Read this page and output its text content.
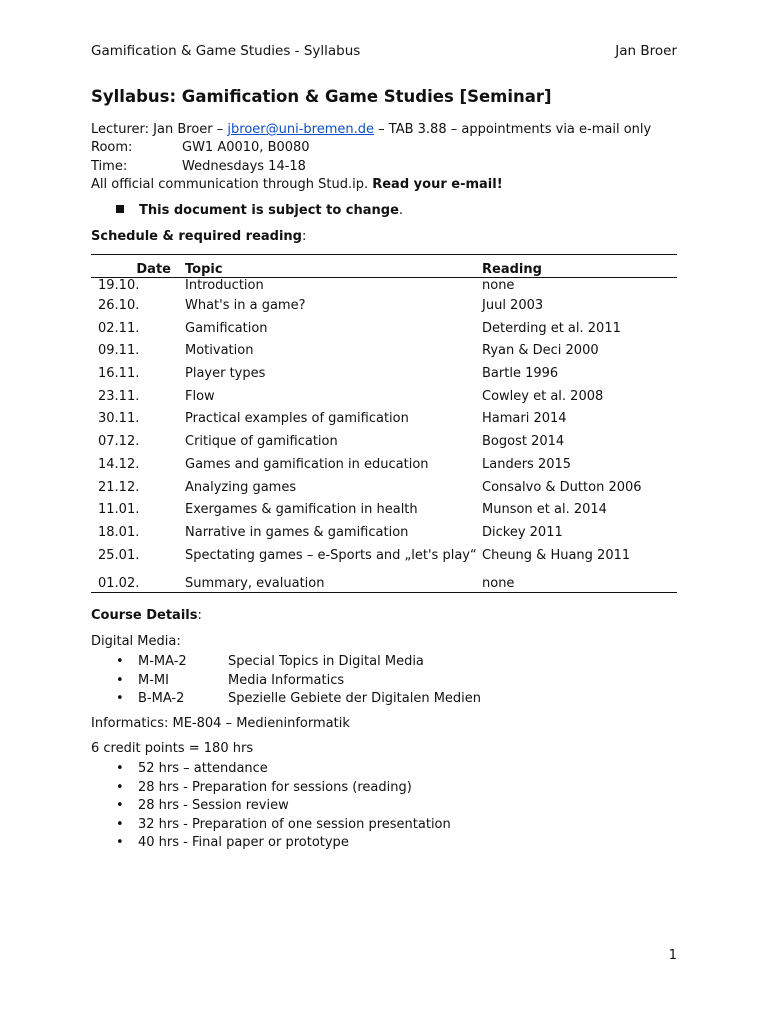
Gamification & Game Studies - Syllabus	Jan Broer
Syllabus: Gamification & Game Studies [Seminar]
Lecturer: Jan Broer – jbroer@uni-bremen.de – TAB 3.88 – appointments via e-mail only
Room:	GW1 A0010, B0080
Time:	Wednesdays 14-18
All official communication through Stud.ip. Read your e-mail!
This document is subject to change.
Schedule & required reading:
Date	Topic	Reading
19.10.	Introduction	none
26.10.	What's in a game?	Juul 2003
02.11.	Gamification	Deterding et al. 2011
09.11.	Motivation	Ryan & Deci 2000
16.11.	Player types	Bartle 1996
23.11.	Flow	Cowley et al. 2008
30.11.	Practical examples of gamification	Hamari 2014
07.12.	Critique of gamification	Bogost 2014
14.12.	Games and gamification in education	Landers 2015
21.12.	Analyzing games	Consalvo & Dutton 2006
11.01.	Exergames & gamification in health	Munson et al. 2014
18.01.	Narrative in games & gamification	Dickey 2011
25.01.	Spectating games – e-Sports and „let's play“	Cheung & Huang 2011
01.02.	Summary, evaluation	none
Course Details:
Digital Media:
• M-MA-2	Special Topics in Digital Media
• M-MI	Media Informatics
• B-MA-2	Spezielle Gebiete der Digitalen Medien
Informatics: ME-804 – Medieninformatik
6 credit points = 180 hrs
• 52 hrs – attendance
• 28 hrs - Preparation for sessions (reading)
• 28 hrs - Session review
• 32 hrs - Preparation of one session presentation
• 40 hrs - Final paper or prototype
1
